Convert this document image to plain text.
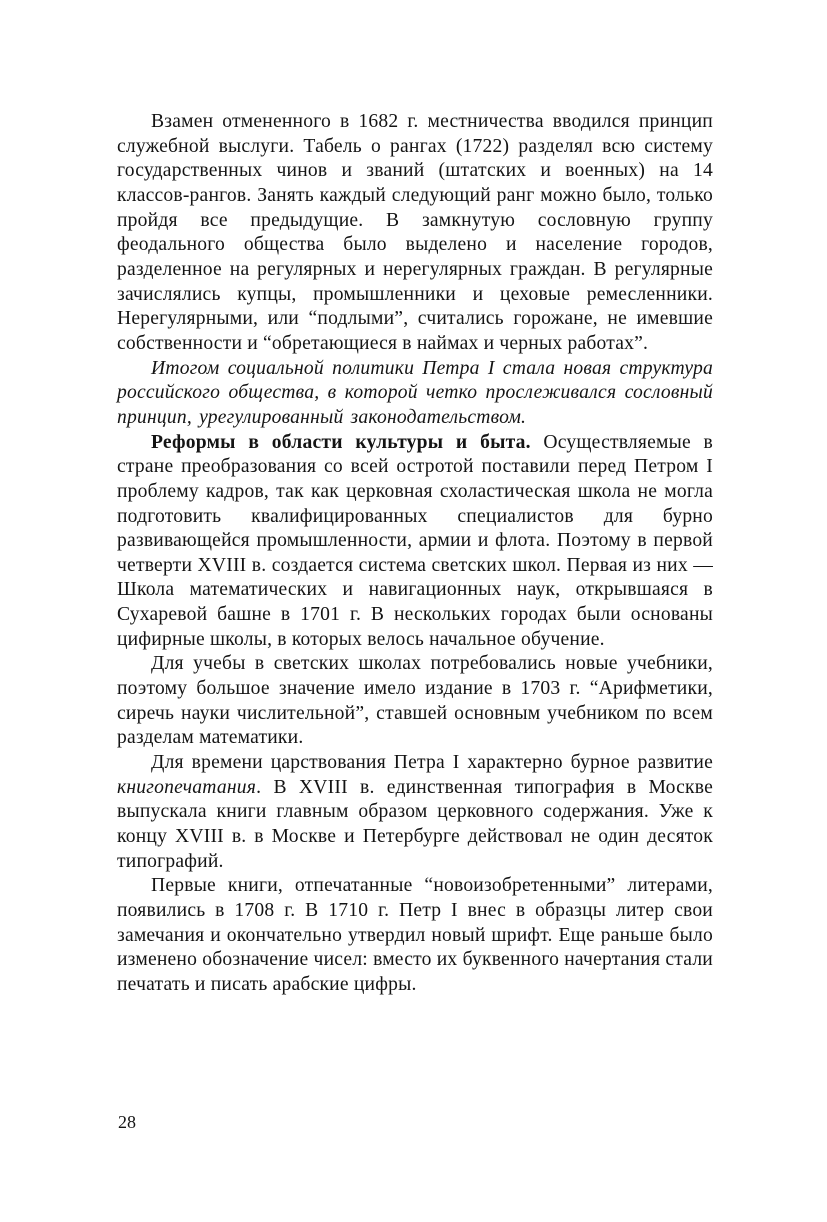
Взамен отмененного в 1682 г. местничества вводился принцип служебной выслуги. Табель о рангах (1722) разделял всю систему государственных чинов и званий (штатских и военных) на 14 классов-рангов. Занять каждый следующий ранг можно было, только пройдя все предыдущие. В замкнутую сословную группу феодального общества было выделено и население городов, разделенное на регулярных и нерегулярных граждан. В регулярные зачислялись купцы, промышленники и цеховые ремесленники. Нерегулярными, или “подлыми”, считались горожане, не имевшие собственности и “обретающиеся в наймах и черных работах”.

Итогом социальной политики Петра I стала новая структура российского общества, в которой четко прослеживался сословный принцип, урегулированный законодательством.

Реформы в области культуры и быта. Осуществляемые в стране преобразования со всей остротой поставили перед Петром I проблему кадров, так как церковная схоластическая школа не могла подготовить квалифицированных специалистов для бурно развивающейся промышленности, армии и флота. Поэтому в первой четверти XVIII в. создается система светских школ. Первая из них — Школа математических и навигационных наук, открывшаяся в Сухаревой башне в 1701 г. В нескольких городах были основаны цифирные школы, в которых велось начальное обучение.

Для учебы в светских школах потребовались новые учебники, поэтому большое значение имело издание в 1703 г. “Арифметики, сиречь науки числительной”, ставшей основным учебником по всем разделам математики.

Для времени царствования Петра I характерно бурное развитие книгопечатания. В XVIII в. единственная типография в Москве выпускала книги главным образом церковного содержания. Уже к концу XVIII в. в Москве и Петербурге действовал не один десяток типографий.

Первые книги, отпечатанные “новоизобретенными” литерами, появились в 1708 г. В 1710 г. Петр I внес в образцы литер свои замечания и окончательно утвердил новый шрифт. Еще раньше было изменено обозначение чисел: вместо их буквенного начертания стали печатать и писать арабские цифры.

28
